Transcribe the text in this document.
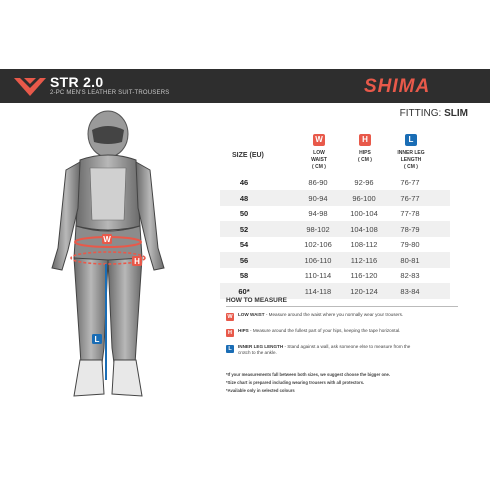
STR 2.0
2-PC MEN'S LEATHER SUIT-TROUSERS	SHIMA
FITTING: SLIM
W
H
L
SIZE (EU)
W	H	L
LOW
WAIST
( CM )
HIPS
( CM )
INNER LEG
LENGTH
( CM )
46	86-90	92-96	76-77
48	90-94	96-100	76-77
50	94-98	100-104	77-78
52	98-102	104-108	78-79
54	102-106	108-112	79-80
56	106-110	112-116	80-81
58	110-114	116-120	82-83
60*	114-118	120-124	83-84
HOW TO MEASURE
W	LOW WAIST - Measure around the waist where you normally wear your trousers.
H	HIPS - Measure around the fullest part of your hips, keeping the tape horizontal.
L	INNER LEG LENGTH - Stand against a wall, ask someone else to measure from the crotch to the ankle.
*If your measurements fall between both sizes, we suggest choose the bigger one.
*Size chart is prepared including wearing trousers with all protectors.
*Available only in selected colours
